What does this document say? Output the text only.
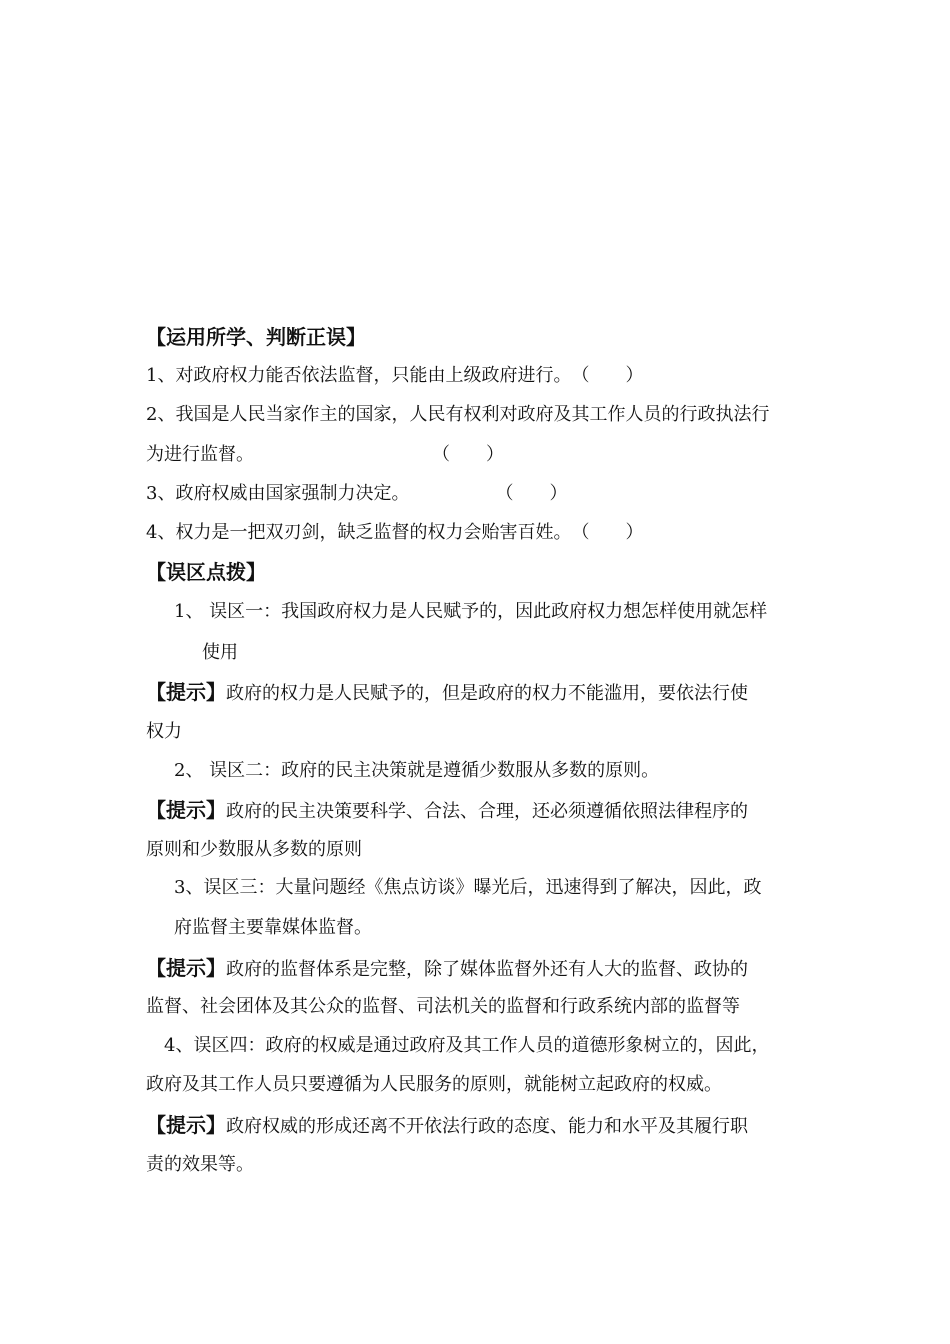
【运用所学、判断正误】
1、对政府权力能否依法监督，只能由上级政府进行。（　　）
2、我国是人民当家作主的国家，人民有权利对政府及其工作人员的行政执法行
为进行监督。	（　　）
3、政府权威由国家强制力决定。	（　　）
4、权力是一把双刃剑，缺乏监督的权力会贻害百姓。（　　）
【误区点拨】
1、 误区一：我国政府权力是人民赋予的，因此政府权力想怎样使用就怎样
使用
【提示】政府的权力是人民赋予的，但是政府的权力不能滥用，要依法行使
权力
2、 误区二：政府的民主决策就是遵循少数服从多数的原则。
【提示】政府的民主决策要科学、合法、合理，还必须遵循依照法律程序的
原则和少数服从多数的原则
3、误区三：大量问题经《焦点访谈》曝光后，迅速得到了解决，因此，政
府监督主要靠媒体监督。
【提示】政府的监督体系是完整，除了媒体监督外还有人大的监督、政协的
监督、社会团体及其公众的监督、司法机关的监督和行政系统内部的监督等
4、误区四：政府的权威是通过政府及其工作人员的道德形象树立的，因此，
政府及其工作人员只要遵循为人民服务的原则，就能树立起政府的权威。
【提示】政府权威的形成还离不开依法行政的态度、能力和水平及其履行职
责的效果等。
